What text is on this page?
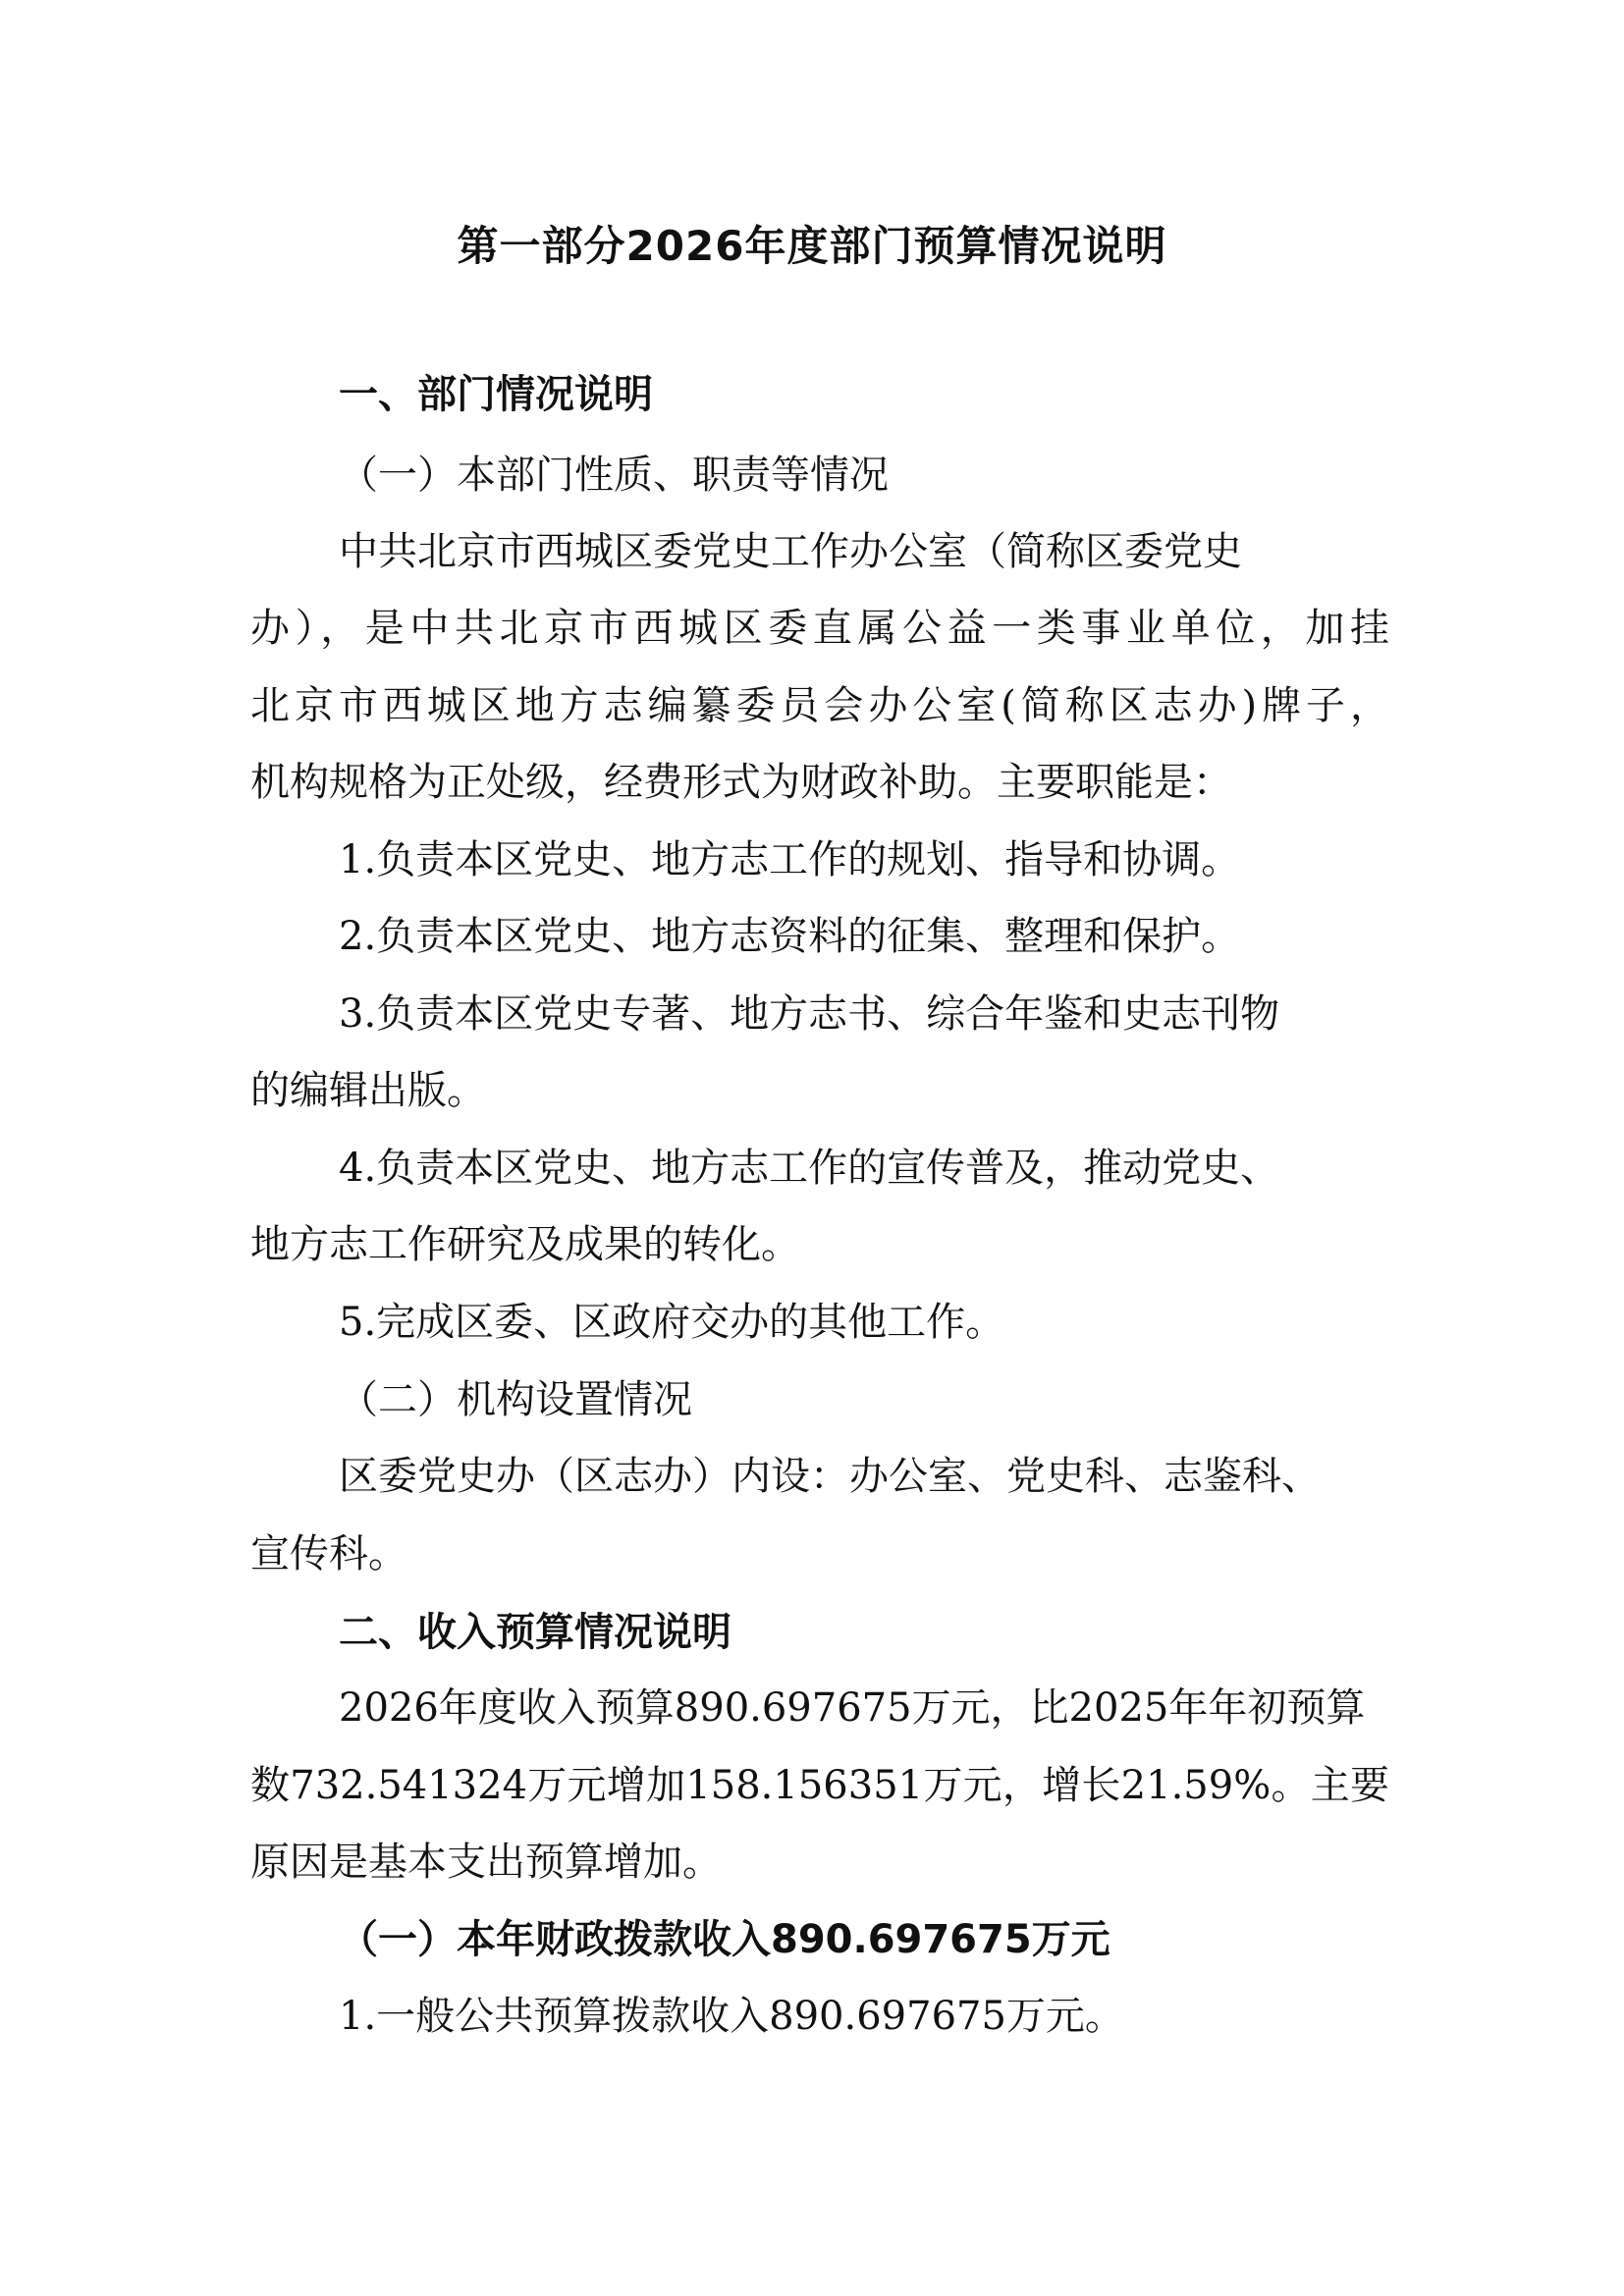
第一部分2026年度部门预算情况说明
一、部门情况说明
（一）本部门性质、职责等情况
中共北京市西城区委党史工作办公室（简称区委党史
办），是中共北京市西城区委直属公益一类事业单位，加挂
北京市西城区地方志编纂委员会办公室(简称区志办)牌子，
机构规格为正处级，经费形式为财政补助。主要职能是：
1.负责本区党史、地方志工作的规划、指导和协调。
2.负责本区党史、地方志资料的征集、整理和保护。
3.负责本区党史专著、地方志书、综合年鉴和史志刊物
的编辑出版。
4.负责本区党史、地方志工作的宣传普及，推动党史、
地方志工作研究及成果的转化。
5.完成区委、区政府交办的其他工作。
（二）机构设置情况
区委党史办（区志办）内设：办公室、党史科、志鉴科、
宣传科。
二、收入预算情况说明
2026年度收入预算890.697675万元，比2025年年初预算
数732.541324万元增加158.156351万元，增长21.59%。主要
原因是基本支出预算增加。
（一）本年财政拨款收入890.697675万元
1.一般公共预算拨款收入890.697675万元。
